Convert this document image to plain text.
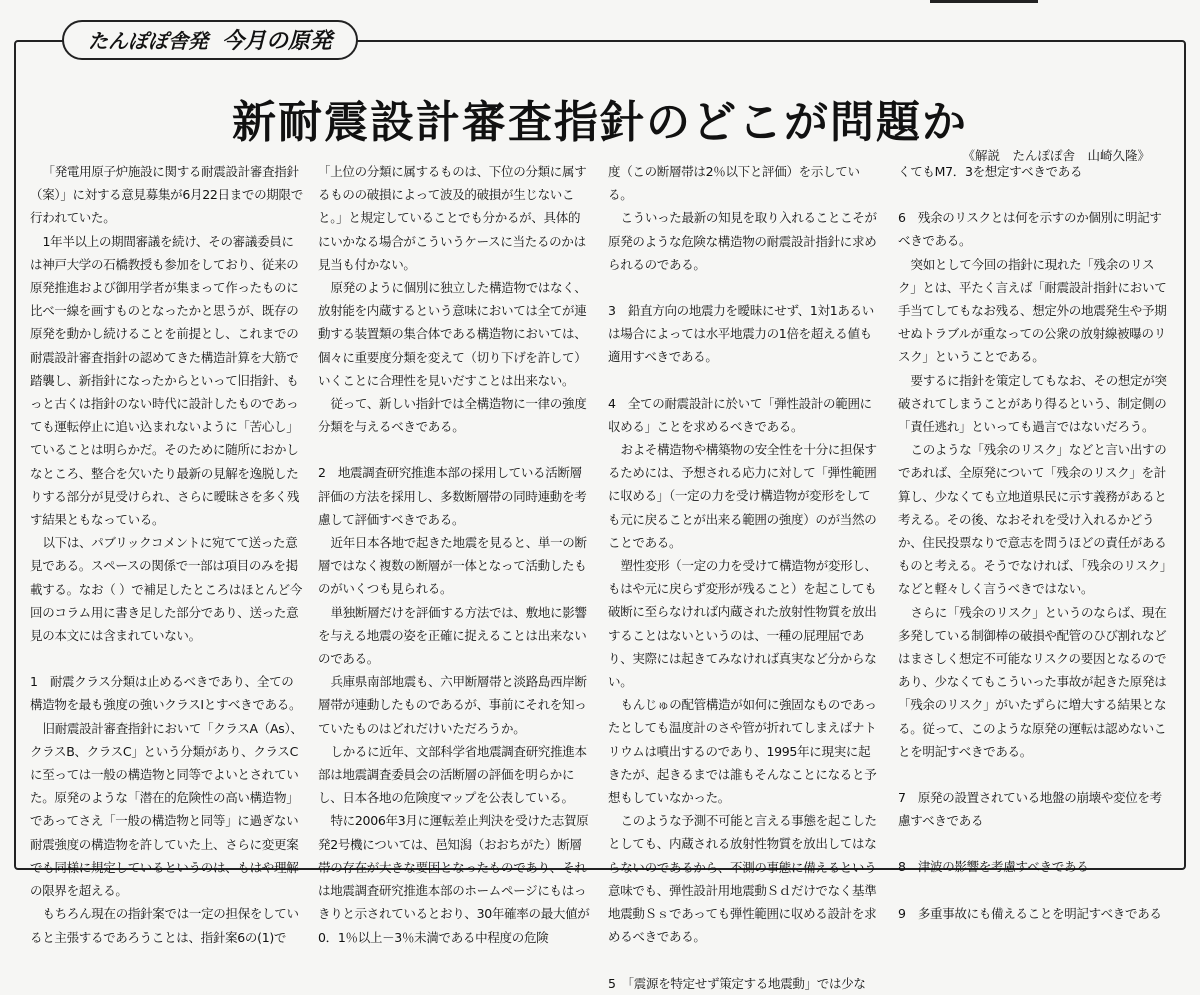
たんぽぽ舎発 今月の原発
新耐震設計審査指針のどこが問題か
《解説　たんぽぽ舎　山崎久隆》

「発電用原子炉施設に関する耐震設計審査指針（案）」に対する意見募集が6月22日までの期限で行われていた。

1年半以上の期間審議を続け、その審議委員には神戸大学の石橋教授も参加をしており、従来の原発推進および御用学者が集まって作ったものに比べ一線を画すものとなったかと思うが、既存の原発を動かし続けることを前提とし、これまでの耐震設計審査指針の認めてきた構造計算を大筋で踏襲し、新指針になったからといって旧指針、もっと古くは指針のない時代に設計したものであっても運転停止に追い込まれないように「苦心し」ていることは明らかだ。そのために随所におかしなところ、整合を欠いたり最新の見解を逸脱したりする部分が見受けられ、さらに曖昧さを多く残す結果ともなっている。

以下は、パブリックコメントに宛てて送った意見である。スペースの関係で一部は項目のみを掲載する。なお（ ）で補足したところはほとんど今回のコラム用に書き足した部分であり、送った意見の本文には含まれていない。

1　耐震クラス分類は止めるべきであり、全ての構造物を最も強度の強いクラスⅠとすべきである。

旧耐震設計審査指針において「クラスA（As）、クラスB、クラスC」という分類があり、クラスCに至っては一般の構造物と同等でよいとされていた。原発のような「潜在的危険性の高い構造物」であってさえ「一般の構造物と同等」に過ぎない耐震強度の構造物を許していた上、さらに変更案でも同様に規定しているというのは、もはや理解の限界を超える。

もちろん現在の指針案では一定の担保をしていると主張するであろうことは、指針案6の(1)で

「上位の分類に属するものは、下位の分類に属するものの破損によって波及的破損が生じないこと。」と規定していることでも分かるが、具体的にいかなる場合がこういうケースに当たるのかは見当も付かない。

原発のように個別に独立した構造物ではなく、放射能を内蔵するという意味においては全てが連動する装置類の集合体である構造物においては、個々に重要度分類を変えて（切り下げを許して）いくことに合理性を見いだすことは出来ない。

従って、新しい指針では全構造物に一律の強度分類を与えるべきである。

2　地震調査研究推進本部の採用している活断層評価の方法を採用し、多数断層帯の同時連動を考慮して評価すべきである。

近年日本各地で起きた地震を見ると、単一の断層ではなく複数の断層が一体となって活動したものがいくつも見られる。

単独断層だけを評価する方法では、敷地に影響を与える地震の姿を正確に捉えることは出来ないのである。

兵庫県南部地震も、六甲断層帯と淡路島西岸断層帯が連動したものであるが、事前にそれを知っていたものはどれだけいただろうか。

しかるに近年、文部科学省地震調査研究推進本部は地震調査委員会の活断層の評価を明らかにし、日本各地の危険度マップを公表している。

特に2006年3月に運転差止判決を受けた志賀原発2号機については、邑知潟（おおちがた）断層帯の存在が大きな要因となったものであり、それは地震調査研究推進本部のホームページにもはっきりと示されているとおり、30年確率の最大値が0．1％以上－3％未満である中程度の危険

度（この断層帯は2％以下と評価）を示している。

こういった最新の知見を取り入れることこそが原発のような危険な構造物の耐震設計指針に求められるのである。

3　鉛直方向の地震力を曖昧にせず、1対1あるいは場合によっては水平地震力の1倍を超える値も適用すべきである。

4　全ての耐震設計に於いて「弾性設計の範囲に収める」ことを求めるべきである。

およそ構造物や構築物の安全性を十分に担保するためには、予想される応力に対して「弾性範囲に収める」（一定の力を受け構造物が変形をしても元に戻ることが出来る範囲の強度）のが当然のことである。

塑性変形（一定の力を受けて構造物が変形し、もはや元に戻らず変形が残ること）を起こしても破断に至らなければ内蔵された放射性物質を放出することはないというのは、一種の屁理屈であり、実際には起きてみなければ真実など分からない。

もんじゅの配管構造が如何に強固なものであったとしても温度計のさや管が折れてしまえばナトリウムは噴出するのであり、1995年に現実に起きたが、起きるまでは誰もそんなことになると予想もしていなかった。

このような予測不可能と言える事態を起こしたとしても、内蔵される放射性物質を放出してはならないのであるから、不測の事態に備えるという意味でも、弾性設計用地震動Ｓｄだけでなく基準地震動Ｓｓであっても弾性範囲に収める設計を求めるべきである。

5　「震源を特定せず策定する地震動」では少な

くてもM7．3を想定すべきである

6　残余のリスクとは何を示すのか個別に明記すべきである。

突如として今回の指針に現れた「残余のリスク」とは、平たく言えば「耐震設計指針において手当てしてもなお残る、想定外の地震発生や予期せぬトラブルが重なっての公衆の放射線被曝のリスク」ということである。

要するに指針を策定してもなお、その想定が突破されてしまうことがあり得るという、制定側の「責任逃れ」といっても過言ではないだろう。

このような「残余のリスク」などと言い出すのであれば、全原発について「残余のリスク」を計算し、少なくても立地道県民に示す義務があると考える。その後、なおそれを受け入れるかどうか、住民投票なりで意志を問うほどの責任があるものと考える。そうでなければ、「残余のリスク」などと軽々しく言うべきではない。

さらに「残余のリスク」というのならば、現在多発している制御棒の破損や配管のひび割れなどはまさしく想定不可能なリスクの要因となるのであり、少なくてもこういった事故が起きた原発は「残余のリスク」がいたずらに増大する結果となる。従って、このような原発の運転は認めないことを明記すべきである。

7　原発の設置されている地盤の崩壊や変位を考慮すべきである

8　津波の影響を考慮すべきである

9　多重事故にも備えることを明記すべきである
